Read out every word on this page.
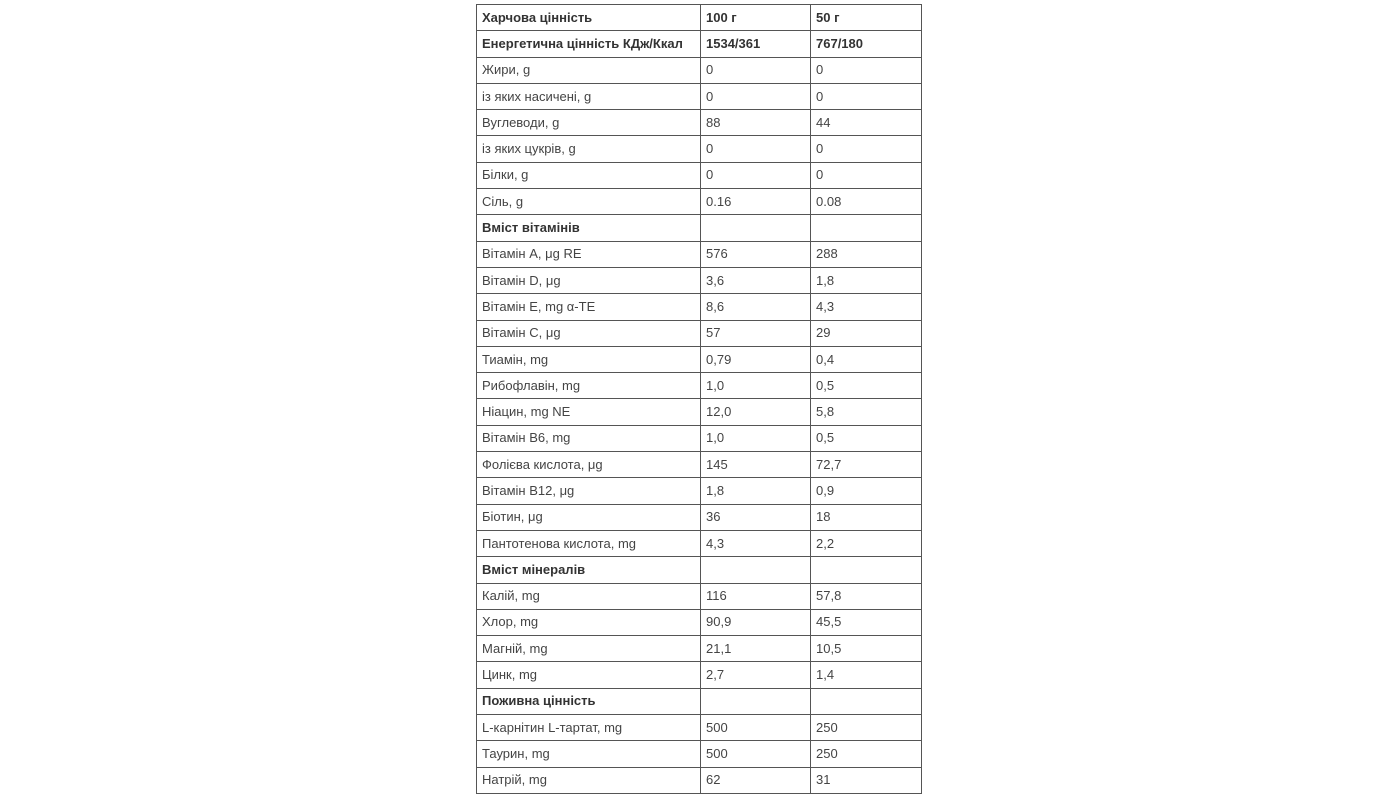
Харчова цінність	100 г	50 г
Енергетична цінність КДж/Ккал	1534/361	767/180
Жири, g	0	0
із яких насичені, g	0	0
Вуглеводи, g	88	44
із яких цукрів, g	0	0
Білки, g	0	0
Сіль, g	0.16	0.08
Вміст вітамінів		
Вітамін A, μg RE	576	288
Вітамін D, μg	3,6	1,8
Вітамін E, mg α-TE	8,6	4,3
Вітамін C, μg	57	29
Тиамін, mg	0,79	0,4
Рибофлавін, mg	1,0	0,5
Ніацин, mg NE	12,0	5,8
Вітамін B6, mg	1,0	0,5
Фолієва кислота, μg	145	72,7
Вітамін B12, μg	1,8	0,9
Біотин, μg	36	18
Пантотенова кислота, mg	4,3	2,2
Вміст мінералів		
Калій, mg	116	57,8
Хлор, mg	90,9	45,5
Магній, mg	21,1	10,5
Цинк, mg	2,7	1,4
Поживна цінність		
L-карнітин L-тартат, mg	500	250
Таурин, mg	500	250
Натрій, mg	62	31
